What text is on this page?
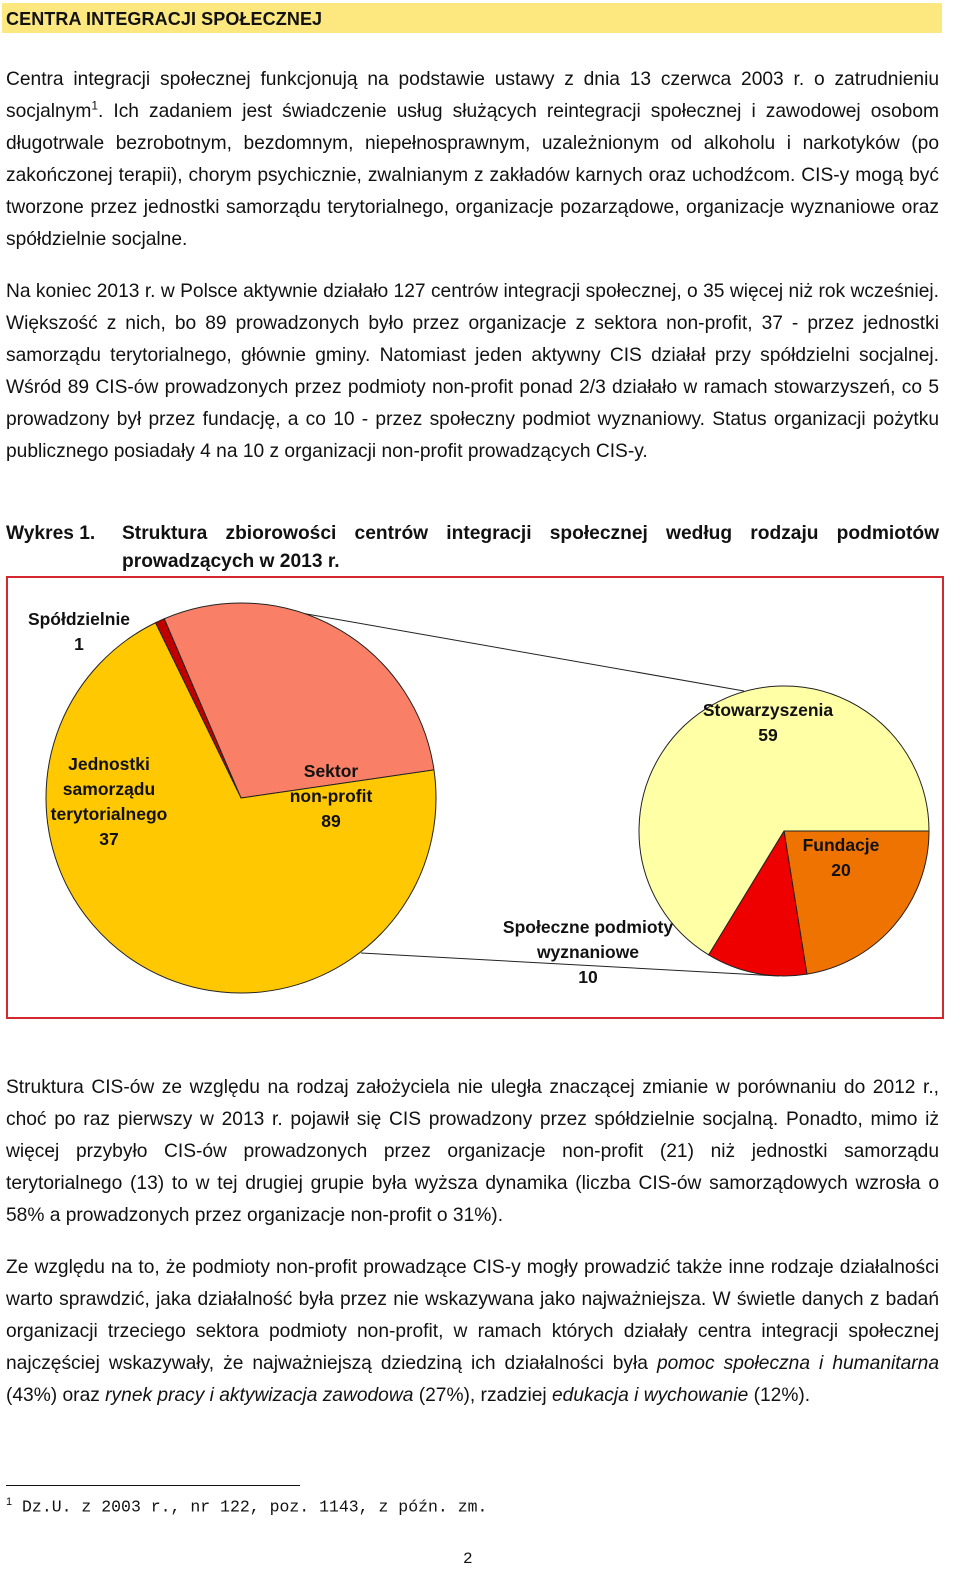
CENTRA INTEGRACJI SPOŁECZNEJ

Centra integracji społecznej funkcjonują na podstawie ustawy z dnia 13 czerwca 2003 r. o zatrudnieniu socjalnym$^1$. Ich zadaniem jest świadczenie usług służących reintegracji społecznej i zawodowej osobom długotrwale bezrobotnym, bezdomnym, niepełnosprawnym, uzależnionym od alkoholu i narkotyków (po zakończonej terapii), chorym psychicznie, zwalnianym z zakładów karnych oraz uchodźcom. CIS-y mogą być tworzone przez jednostki samorządu terytorialnego, organizacje pozarządowe, organizacje wyznaniowe oraz spółdzielnie socjalne.

Na koniec 2013 r. w Polsce aktywnie działało 127 centrów integracji społecznej, o 35 więcej niż rok wcześniej. Większość z nich, bo 89 prowadzonych było przez organizacje z sektora non-profit, 37 - przez jednostki samorządu terytorialnego, głównie gminy. Natomiast jeden aktywny CIS działał przy spółdzielni socjalnej. Wśród 89 CIS-ów prowadzonych przez podmioty non-profit ponad 2/3 działało w ramach stowarzyszeń, co 5 prowadzony był przez fundację, a co 10 - przez społeczny podmiot wyznaniowy. Status organizacji pożytku publicznego posiadały 4 na 10 z organizacji non-profit prowadzących CIS-y.

Wykres 1. Struktura zbiorowości centrów integracji społecznej według rodzaju podmiotów prowadzących w 2013 r.
Spółdzielnie 1
Jednostki samorządu terytorialnego 37
Sektor non-profit 89
Stowarzyszenia 59
Fundacje 20
Społeczne podmioty wyznaniowe 10

Struktura CIS-ów ze względu na rodzaj założyciela nie uległa znaczącej zmianie w porównaniu do 2012 r., choć po raz pierwszy w 2013 r. pojawił się CIS prowadzony przez spółdzielnie socjalną. Ponadto, mimo iż więcej przybyło CIS-ów prowadzonych przez organizacje non-profit (21) niż jednostki samorządu terytorialnego (13) to w tej drugiej grupie była wyższa dynamika (liczba CIS-ów samorządowych wzrosła o 58% a prowadzonych przez organizacje non-profit o 31%).

Ze względu na to, że podmioty non-profit prowadzące CIS-y mogły prowadzić także inne rodzaje działalności warto sprawdzić, jaka działalność była przez nie wskazywana jako najważniejsza. W świetle danych z badań organizacji trzeciego sektora podmioty non-profit, w ramach których działały centra integracji społecznej najczęściej wskazywały, że najważniejszą dziedziną ich działalności była pomoc społeczna i humanitarna (43%) oraz rynek pracy i aktywizacja zawodowa (27%), rzadziej edukacja i wychowanie (12%).

$^1$ Dz.U. z 2003 r., nr 122, poz. 1143, z późn. zm.
2
